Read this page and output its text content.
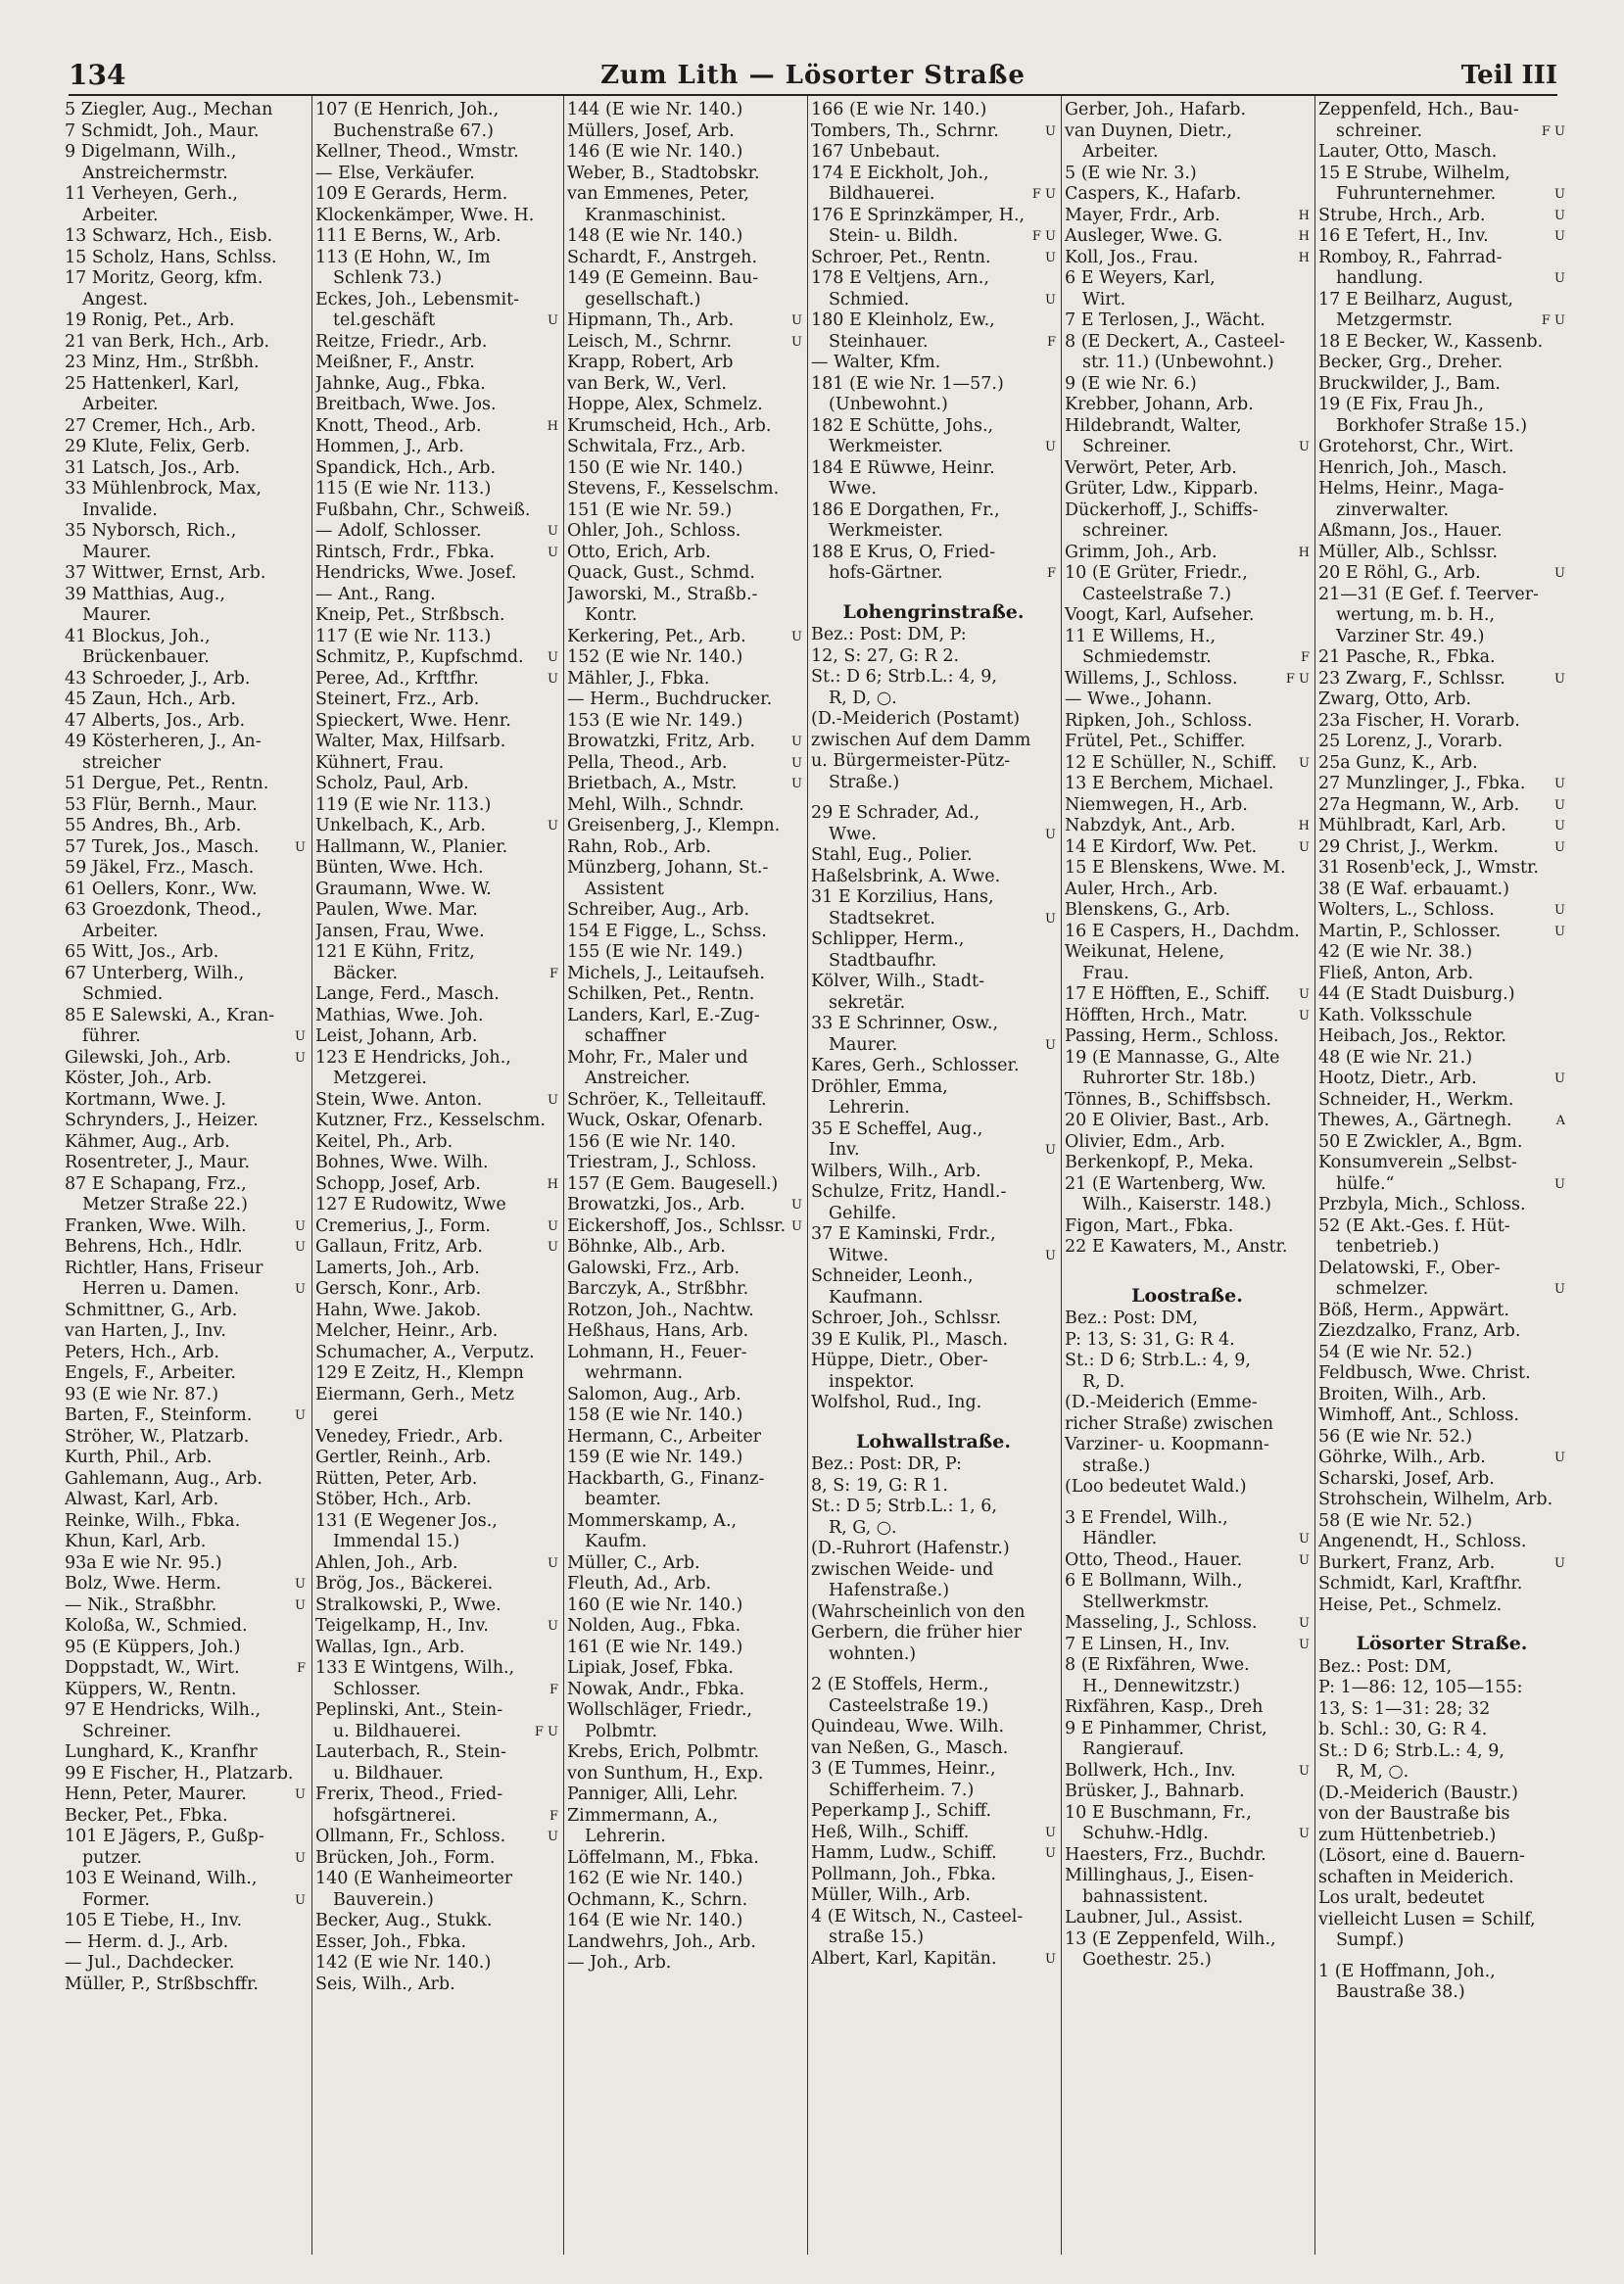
134	Zum Lith — Lösorter Straße	Teil III
5 Ziegler, Aug., Mechan
7 Schmidt, Joh., Maur.
9 Digelmann, Wilh.,
Anstreichermstr.
11 Verheyen, Gerh.,
Arbeiter.
13 Schwarz, Hch., Eisb.
15 Scholz, Hans, Schlss.
17 Moritz, Georg, kfm.
Angest.
19 Ronig, Pet., Arb.
21 van Berk, Hch., Arb.
23 Minz, Hm., Strßbh.
25 Hattenkerl, Karl,
Arbeiter.
27 Cremer, Hch., Arb.
29 Klute, Felix, Gerb.
31 Latsch, Jos., Arb.
33 Mühlenbrock, Max,
Invalide.
35 Nyborsch, Rich.,
Maurer.
37 Wittwer, Ernst, Arb.
39 Matthias, Aug.,
Maurer.
41 Blockus, Joh.,
Brückenbauer.
43 Schroeder, J., Arb.
45 Zaun, Hch., Arb.
47 Alberts, Jos., Arb.
49 Kösterheren, J., An-
streicher
51 Dergue, Pet., Rentn.
53 Flür, Bernh., Maur.
55 Andres, Bh., Arb.
57 Turek, Jos., Masch.	U
59 Jäkel, Frz., Masch.
61 Oellers, Konr., Ww.
63 Groezdonk, Theod.,
Arbeiter.
65 Witt, Jos., Arb.
67 Unterberg, Wilh.,
Schmied.
85 E Salewski, A., Kran-
führer.	U
Gilewski, Joh., Arb.	U
Köster, Joh., Arb.
Kortmann, Wwe. J.
Schrynders, J., Heizer.
Kähmer, Aug., Arb.
Rosentreter, J., Maur.
87 E Schapang, Frz.,
Metzer Straße 22.)
Franken, Wwe. Wilh.	U
Behrens, Hch., Hdlr.	U
Richtler, Hans, Friseur
Herren u. Damen.	U
Schmittner, G., Arb.
van Harten, J., Inv.
Peters, Hch., Arb.
Engels, F., Arbeiter.
93 (E wie Nr. 87.)
Barten, F., Steinform.	U
Ströher, W., Platzarb.
Kurth, Phil., Arb.
Gahlemann, Aug., Arb.
Alwast, Karl, Arb.
Reinke, Wilh., Fbka.
Khun, Karl, Arb.
93a E wie Nr. 95.)
Bolz, Wwe. Herm.	U
— Nik., Straßbhr.	U
Koloßa, W., Schmied.
95 (E Küppers, Joh.)
Doppstadt, W., Wirt.	F
Küppers, W., Rentn.
97 E Hendricks, Wilh.,
Schreiner.
Lunghard, K., Kranfhr
99 E Fischer, H., Platzarb.
Henn, Peter, Maurer.	U
Becker, Pet., Fbka.
101 E Jägers, P., Gußp-
putzer.	U
103 E Weinand, Wilh.,
Former.	U
105 E Tiebe, H., Inv.
— Herm. d. J., Arb.
— Jul., Dachdecker.
Müller, P., Strßbschffr.
107 (E Henrich, Joh.,
Buchenstraße 67.)
Kellner, Theod., Wmstr.
— Else, Verkäufer.
109 E Gerards, Herm.
Klockenkämper, Wwe. H.
111 E Berns, W., Arb.
113 (E Hohn, W., Im
Schlenk 73.)
Eckes, Joh., Lebensmit-
tel.geschäft	U
Reitze, Friedr., Arb.
Meißner, F., Anstr.
Jahnke, Aug., Fbka.
Breitbach, Wwe. Jos.
Knott, Theod., Arb.	H
Hommen, J., Arb.
Spandick, Hch., Arb.
115 (E wie Nr. 113.)
Fußbahn, Chr., Schweiß.
— Adolf, Schlosser.	U
Rintsch, Frdr., Fbka.	U
Hendricks, Wwe. Josef.
— Ant., Rang.
Kneip, Pet., Strßbsch.
117 (E wie Nr. 113.)
Schmitz, P., Kupfschmd. U
Peree, Ad., Krftfhr.	U
Steinert, Frz., Arb.
Spieckert, Wwe. Henr.
Walter, Max, Hilfsarb.
Kühnert, Frau.
Scholz, Paul, Arb.
119 (E wie Nr. 113.)
Unkelbach, K., Arb.	U
Hallmann, W., Planier.
Bünten, Wwe. Hch.
Graumann, Wwe. W.
Paulen, Wwe. Mar.
Jansen, Frau, Wwe.
121 E Kühn, Fritz,
Bäcker.	F
Lange, Ferd., Masch.
Mathias, Wwe. Joh.
Leist, Johann, Arb.
123 E Hendricks, Joh.,
Metzgerei.
Stein, Wwe. Anton.	U
Kutzner, Frz., Kesselschm.
Keitel, Ph., Arb.
Bohnes, Wwe. Wilh.
Schopp, Josef, Arb.	H
127 E Rudowitz, Wwe
Cremerius, J., Form.	U
Gallaun, Fritz, Arb.	U
Lamerts, Joh., Arb.
Gersch, Konr., Arb.
Hahn, Wwe. Jakob.
Melcher, Heinr., Arb.
Schumacher, A., Verputz.
129 E Zeitz, H., Klempn
Eiermann, Gerh., Metz
gerei
Venedey, Friedr., Arb.
Gertler, Reinh., Arb.
Rütten, Peter, Arb.
Stöber, Hch., Arb.
131 (E Wegener Jos.,
Immendal 15.)
Ahlen, Joh., Arb.	U
Brög, Jos., Bäckerei.
Stralkowski, P., Wwe.
Teigelkamp, H., Inv.	U
Wallas, Ign., Arb.
133 E Wintgens, Wilh.,
Schlosser.	F
Peplinski, Ant., Stein-
u. Bildhauerei.	F U
Lauterbach, R., Stein-
u. Bildhauer.
Frerix, Theod., Fried-
hofsgärtnerei.	F
Ollmann, Fr., Schloss.	U
Brücken, Joh., Form.
140 (E Wanheimeorter
Bauverein.)
Becker, Aug., Stukk.
Esser, Joh., Fbka.
142 (E wie Nr. 140.)
Seis, Wilh., Arb.
144 (E wie Nr. 140.)
Müllers, Josef, Arb.
146 (E wie Nr. 140.)
Weber, B., Stadtobskr.
van Emmenes, Peter,
Kranmaschinist.
148 (E wie Nr. 140.)
Schardt, F., Anstrgeh.
149 (E Gemeinn. Bau-
gesellschaft.)
Hipmann, Th., Arb.	U
Leisch, M., Schrnr.	U
Krapp, Robert, Arb
van Berk, W., Verl.
Hoppe, Alex, Schmelz.
Krumscheid, Hch., Arb.
Schwitala, Frz., Arb.
150 (E wie Nr. 140.)
Stevens, F., Kesselschm.
151 (E wie Nr. 59.)
Ohler, Joh., Schloss.
Otto, Erich, Arb.
Quack, Gust., Schmd.
Jaworski, M., Straßb.-
Kontr.
Kerkering, Pet., Arb.	U
152 (E wie Nr. 140.)
Mähler, J., Fbka.
— Herm., Buchdrucker.
153 (E wie Nr. 149.)
Browatzki, Fritz, Arb.	U
Pella, Theod., Arb.	U
Brietbach, A., Mstr.	U
Mehl, Wilh., Schndr.
Greisenberg, J., Klempn.
Rahn, Rob., Arb.
Münzberg, Johann, St.-
Assistent
Schreiber, Aug., Arb.
154 E Figge, L., Schss.
155 (E wie Nr. 149.)
Michels, J., Leitaufseh.
Schilken, Pet., Rentn.
Landers, Karl, E.-Zug-
schaffner
Mohr, Fr., Maler und
Anstreicher.
Schröer, K., Telleitauff.
Wuck, Oskar, Ofenarb.
156 (E wie Nr. 140.
Triestram, J., Schloss.
157 (E Gem. Baugesell.)
Browatzki, Jos., Arb.	U
Eickershoff, Jos., Schlssr. U
Böhnke, Alb., Arb.
Galowski, Frz., Arb.
Barczyk, A., Strßbhr.
Rotzon, Joh., Nachtw.
Heßhaus, Hans, Arb.
Lohmann, H., Feuer-
wehrmann.
Salomon, Aug., Arb.
158 (E wie Nr. 140.)
Hermann, C., Arbeiter
159 (E wie Nr. 149.)
Hackbarth, G., Finanz-
beamter.
Mommerskamp, A.,
Kaufm.
Müller, C., Arb.
Fleuth, Ad., Arb.
160 (E wie Nr. 140.)
Nolden, Aug., Fbka.
161 (E wie Nr. 149.)
Lipiak, Josef, Fbka.
Nowak, Andr., Fbka.
Wollschläger, Friedr.,
Polbmtr.
Krebs, Erich, Polbmtr.
von Sunthum, H., Exp.
Panniger, Alli, Lehr.
Zimmermann, A.,
Lehrerin.
Löffelmann, M., Fbka.
162 (E wie Nr. 140.)
Ochmann, K., Schrn.
164 (E wie Nr. 140.)
Landwehrs, Joh., Arb.
— Joh., Arb.
166 (E wie Nr. 140.)
Tombers, Th., Schrnr.	U
167 Unbebaut.
174 E Eickholt, Joh.,
Bildhauerei.	F U
176 E Sprinzkämper, H.,
Stein- u. Bildh.	F U
Schroer, Pet., Rentn.	U
178 E Veltjens, Arn.,
Schmied.	U
180 E Kleinholz, Ew.,
Steinhauer.	F
— Walter, Kfm.
181 (E wie Nr. 1—57.)
(Unbewohnt.)
182 E Schütte, Johs.,
Werkmeister.	U
184 E Rüwwe, Heinr.
Wwe.
186 E Dorgathen, Fr.,
Werkmeister.
188 E Krus, O, Fried-
hofs-Gärtner.	F
Lohengrinstraße.
Bez.: Post: DM, P:
12, S: 27, G: R 2.
St.: D 6; Strb.L.: 4, 9,
R, D, ○.
(D.-Meiderich (Postamt)
zwischen Auf dem Damm
u. Bürgermeister-Pütz-
Straße.)
29 E Schrader, Ad.,
Wwe.	U
Stahl, Eug., Polier.
Haßelsbrink, A. Wwe.
31 E Korzilius, Hans,
Stadtsekret.	U
Schlipper, Herm.,
Stadtbaufhr.
Kölver, Wilh., Stadt-
sekretär.
33 E Schrinner, Osw.,
Maurer.	U
Kares, Gerh., Schlosser.
Dröhler, Emma,
Lehrerin.
35 E Scheffel, Aug.,
Inv.	U
Wilbers, Wilh., Arb.
Schulze, Fritz, Handl.-
Gehilfe.
37 E Kaminski, Frdr.,
Witwe.	U
Schneider, Leonh.,
Kaufmann.
Schroer, Joh., Schlssr.
39 E Kulik, Pl., Masch.
Hüppe, Dietr., Ober-
inspektor.
Wolfshol, Rud., Ing.
Lohwallstraße.
Bez.: Post: DR, P:
8, S: 19, G: R 1.
St.: D 5; Strb.L.: 1, 6,
R, G, ○.
(D.-Ruhrort (Hafenstr.)
zwischen Weide- und
Hafenstraße.)
(Wahrscheinlich von den
Gerbern, die früher hier
wohnten.)
2 (E Stoffels, Herm.,
Casteelstraße 19.)
Quindeau, Wwe. Wilh.
van Neßen, G., Masch.
3 (E Tummes, Heinr.,
Schifferheim. 7.)
Peperkamp J., Schiff.
Heß, Wilh., Schiff.	U
Hamm, Ludw., Schiff.	U
Pollmann, Joh., Fbka.
Müller, Wilh., Arb.
4 (E Witsch, N., Casteel-
straße 15.)
Albert, Karl, Kapitän.	U
Gerber, Joh., Hafarb.
van Duynen, Dietr.,
Arbeiter.
5 (E wie Nr. 3.)
Caspers, K., Hafarb.
Mayer, Frdr., Arb.	H
Ausleger, Wwe. G.	H
Koll, Jos., Frau.	H
6 E Weyers, Karl,
Wirt.
7 E Terlosen, J., Wächt.
8 (E Deckert, A., Casteel-
str. 11.) (Unbewohnt.)
9 (E wie Nr. 6.)
Krebber, Johann, Arb.
Hildebrandt, Walter,
Schreiner.	U
Verwört, Peter, Arb.
Grüter, Ldw., Kipparb.
Dückerhoff, J., Schiffs-
schreiner.
Grimm, Joh., Arb.	H
10 (E Grüter, Friedr.,
Casteelstraße 7.)
Voogt, Karl, Aufseher.
11 E Willems, H.,
Schmiedemstr.	F
Willems, J., Schloss.	F U
— Wwe., Johann.
Ripken, Joh., Schloss.
Frütel, Pet., Schiffer.
12 E Schüller, N., Schiff. U
13 E Berchem, Michael.
Niemwegen, H., Arb.
Nabzdyk, Ant., Arb.	H
14 E Kirdorf, Ww. Pet.	U
15 E Blenskens, Wwe. M.
Auler, Hrch., Arb.
Blenskens, G., Arb.
16 E Caspers, H., Dachdm.
Weikunat, Helene,
Frau.
17 E Höfften, E., Schiff. U
Höfften, Hrch., Matr.	U
Passing, Herm., Schloss.
19 (E Mannasse, G., Alte
Ruhrorter Str. 18b.)
Tönnes, B., Schiffsbsch.
20 E Olivier, Bast., Arb.
Olivier, Edm., Arb.
Berkenkopf, P., Meka.
21 (E Wartenberg, Ww.
Wilh., Kaiserstr. 148.)
Figon, Mart., Fbka.
22 E Kawaters, M., Anstr.
Loostraße.
Bez.: Post: DM,
P: 13, S: 31, G: R 4.
St.: D 6; Strb.L.: 4, 9,
R, D.
(D.-Meiderich (Emme-
richer Straße) zwischen
Varziner- u. Koopmann-
straße.)
(Loo bedeutet Wald.)
3 E Frendel, Wilh.,
Händler.	U
Otto, Theod., Hauer.	U
6 E Bollmann, Wilh.,
Stellwerkmstr.
Masseling, J., Schloss.	U
7 E Linsen, H., Inv.	U
8 (E Rixfähren, Wwe.
H., Dennewitzstr.)
Rixfähren, Kasp., Dreh
9 E Pinhammer, Christ,
Rangierauf.
Bollwerk, Hch., Inv.	U
Brüsker, J., Bahnarb.
10 E Buschmann, Fr.,
Schuhw.-Hdlg.	U
Haesters, Frz., Buchdr.
Millinghaus, J., Eisen-
bahnassistent.
Laubner, Jul., Assist.
13 (E Zeppenfeld, Wilh.,
Goethestr. 25.)
Zeppenfeld, Hch., Bau-
schreiner.	F U
Lauter, Otto, Masch.
15 E Strube, Wilhelm,
Fuhrunternehmer.	U
Strube, Hrch., Arb.	U
16 E Tefert, H., Inv.	U
Romboy, R., Fahrrad-
handlung.	U
17 E Beilharz, August,
Metzgermstr.	F U
18 E Becker, W., Kassenb.
Becker, Grg., Dreher.
Bruckwilder, J., Bam.
19 (E Fix, Frau Jh.,
Borkhofer Straße 15.)
Grotehorst, Chr., Wirt.
Henrich, Joh., Masch.
Helms, Heinr., Maga-
zinverwalter.
Aßmann, Jos., Hauer.
Müller, Alb., Schlssr.
20 E Röhl, G., Arb.	U
21—31 (E Gef. f. Teerver-
wertung, m. b. H.,
Varziner Str. 49.)
21 Pasche, R., Fbka.
23 Zwarg, F., Schlssr.	U
Zwarg, Otto, Arb.
23a Fischer, H. Vorarb.
25 Lorenz, J., Vorarb.
25a Gunz, K., Arb.
27 Munzlinger, J., Fbka. U
27a Hegmann, W., Arb.	U
Mühlbradt, Karl, Arb.	U
29 Christ, J., Werkm.	U
31 Rosenb'eck, J., Wmstr.
38 (E Waf. erbauamt.)
Wolters, L., Schloss.	U
Martin, P., Schlosser.	U
42 (E wie Nr. 38.)
Fließ, Anton, Arb.
44 (E Stadt Duisburg.)
Kath. Volksschule
Heibach, Jos., Rektor.
48 (E wie Nr. 21.)
Hootz, Dietr., Arb.	U
Schneider, H., Werkm.
Thewes, A., Gärtnegh.	A
50 E Zwickler, A., Bgm.
Konsumverein „Selbst-
hülfe.“	U
Przbyla, Mich., Schloss.
52 (E Akt.-Ges. f. Hüt-
tenbetrieb.)
Delatowski, F., Ober-
schmelzer.	U
Böß, Herm., Appwärt.
Ziezdzalko, Franz, Arb.
54 (E wie Nr. 52.)
Feldbusch, Wwe. Christ.
Broiten, Wilh., Arb.
Wimhoff, Ant., Schloss.
56 (E wie Nr. 52.)
Göhrke, Wilh., Arb.	U
Scharski, Josef, Arb.
Strohschein, Wilhelm, Arb.
58 (E wie Nr. 52.)
Angenendt, H., Schloss.
Burkert, Franz, Arb.	U
Schmidt, Karl, Kraftfhr.
Heise, Pet., Schmelz.
Lösorter Straße.
Bez.: Post: DM,
P: 1—86: 12, 105—155:
13, S: 1—31: 28; 32
b. Schl.: 30, G: R 4.
St.: D 6; Strb.L.: 4, 9,
R, M, ○.
(D.-Meiderich (Baustr.)
von der Baustraße bis
zum Hüttenbetrieb.)
(Lösort, eine d. Bauern-
schaften in Meiderich.
Los uralt, bedeutet
vielleicht Lusen = Schilf,
Sumpf.)
1 (E Hoffmann, Joh.,
Baustraße 38.)
